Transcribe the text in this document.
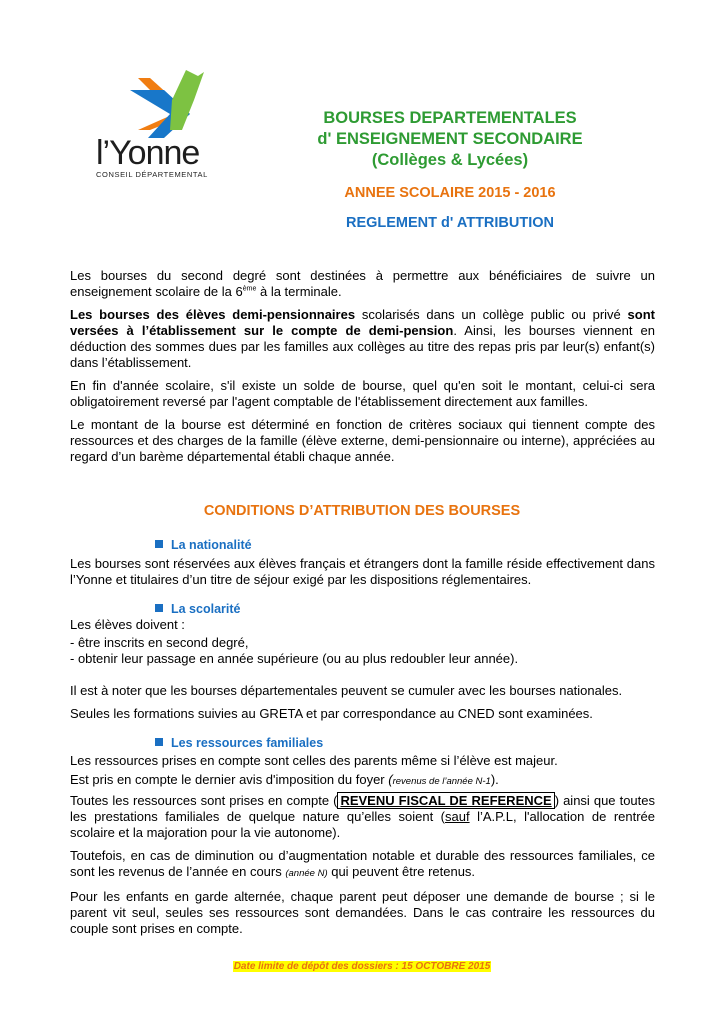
l’Yonne
CONSEIL DÉPARTEMENTAL
BOURSES DEPARTEMENTALES
d' ENSEIGNEMENT SECONDAIRE
(Collèges & Lycées)
ANNEE SCOLAIRE 2015 - 2016
REGLEMENT d' ATTRIBUTION

Les bourses du second degré sont destinées à permettre aux bénéficiaires de suivre un enseignement scolaire de la 6ème à la terminale.

Les bourses des élèves demi-pensionnaires scolarisés dans un collège public ou privé sont versées à l’établissement sur le compte de demi-pension. Ainsi, les bourses viennent en déduction des sommes dues par les familles aux collèges au titre des repas pris par leur(s) enfant(s) dans l’établissement.

En fin d'année scolaire, s'il existe un solde de bourse, quel qu'en soit le montant, celui-ci sera obligatoirement reversé par l'agent comptable de l'établissement directement aux familles.

Le montant de la bourse est déterminé en fonction de critères sociaux qui tiennent compte des ressources et des charges de la famille (élève externe, demi-pensionnaire ou interne), appréciées au regard d’un barème départemental établi chaque année.

CONDITIONS D’ATTRIBUTION DES BOURSES
La nationalité

Les bourses sont réservées aux élèves français et étrangers dont la famille réside effectivement dans l’Yonne et titulaires d’un titre de séjour exigé par les dispositions réglementaires.

La scolarité
Les élèves doivent :
- être inscrits en second degré,
- obtenir leur passage en année supérieure (ou au plus redoubler leur année).

Il est à noter que les bourses départementales peuvent se cumuler avec les bourses nationales.

Seules les formations suivies au GRETA et par correspondance au CNED sont examinées.

Les ressources familiales

Les ressources prises en compte sont celles des parents même si l’élève est majeur.

Est pris en compte le dernier avis d'imposition du foyer (revenus de l’année N-1).

Toutes les ressources sont prises en compte ( REVENU FISCAL DE REFERENCE ) ainsi que toutes les prestations familiales de quelque nature qu’elles soient (sauf l’A.P.L, l'allocation de rentrée scolaire et la majoration pour la vie autonome).

Toutefois, en cas de diminution ou d’augmentation notable et durable des ressources familiales, ce sont les revenus de l’année en cours (année N) qui peuvent être retenus.

Pour les enfants en garde alternée, chaque parent peut déposer une demande de bourse ; si le parent vit seul, seules ses ressources sont demandées. Dans le cas contraire les ressources du couple sont prises en compte.

Date limite de dépôt des dossiers : 15 OCTOBRE 2015
